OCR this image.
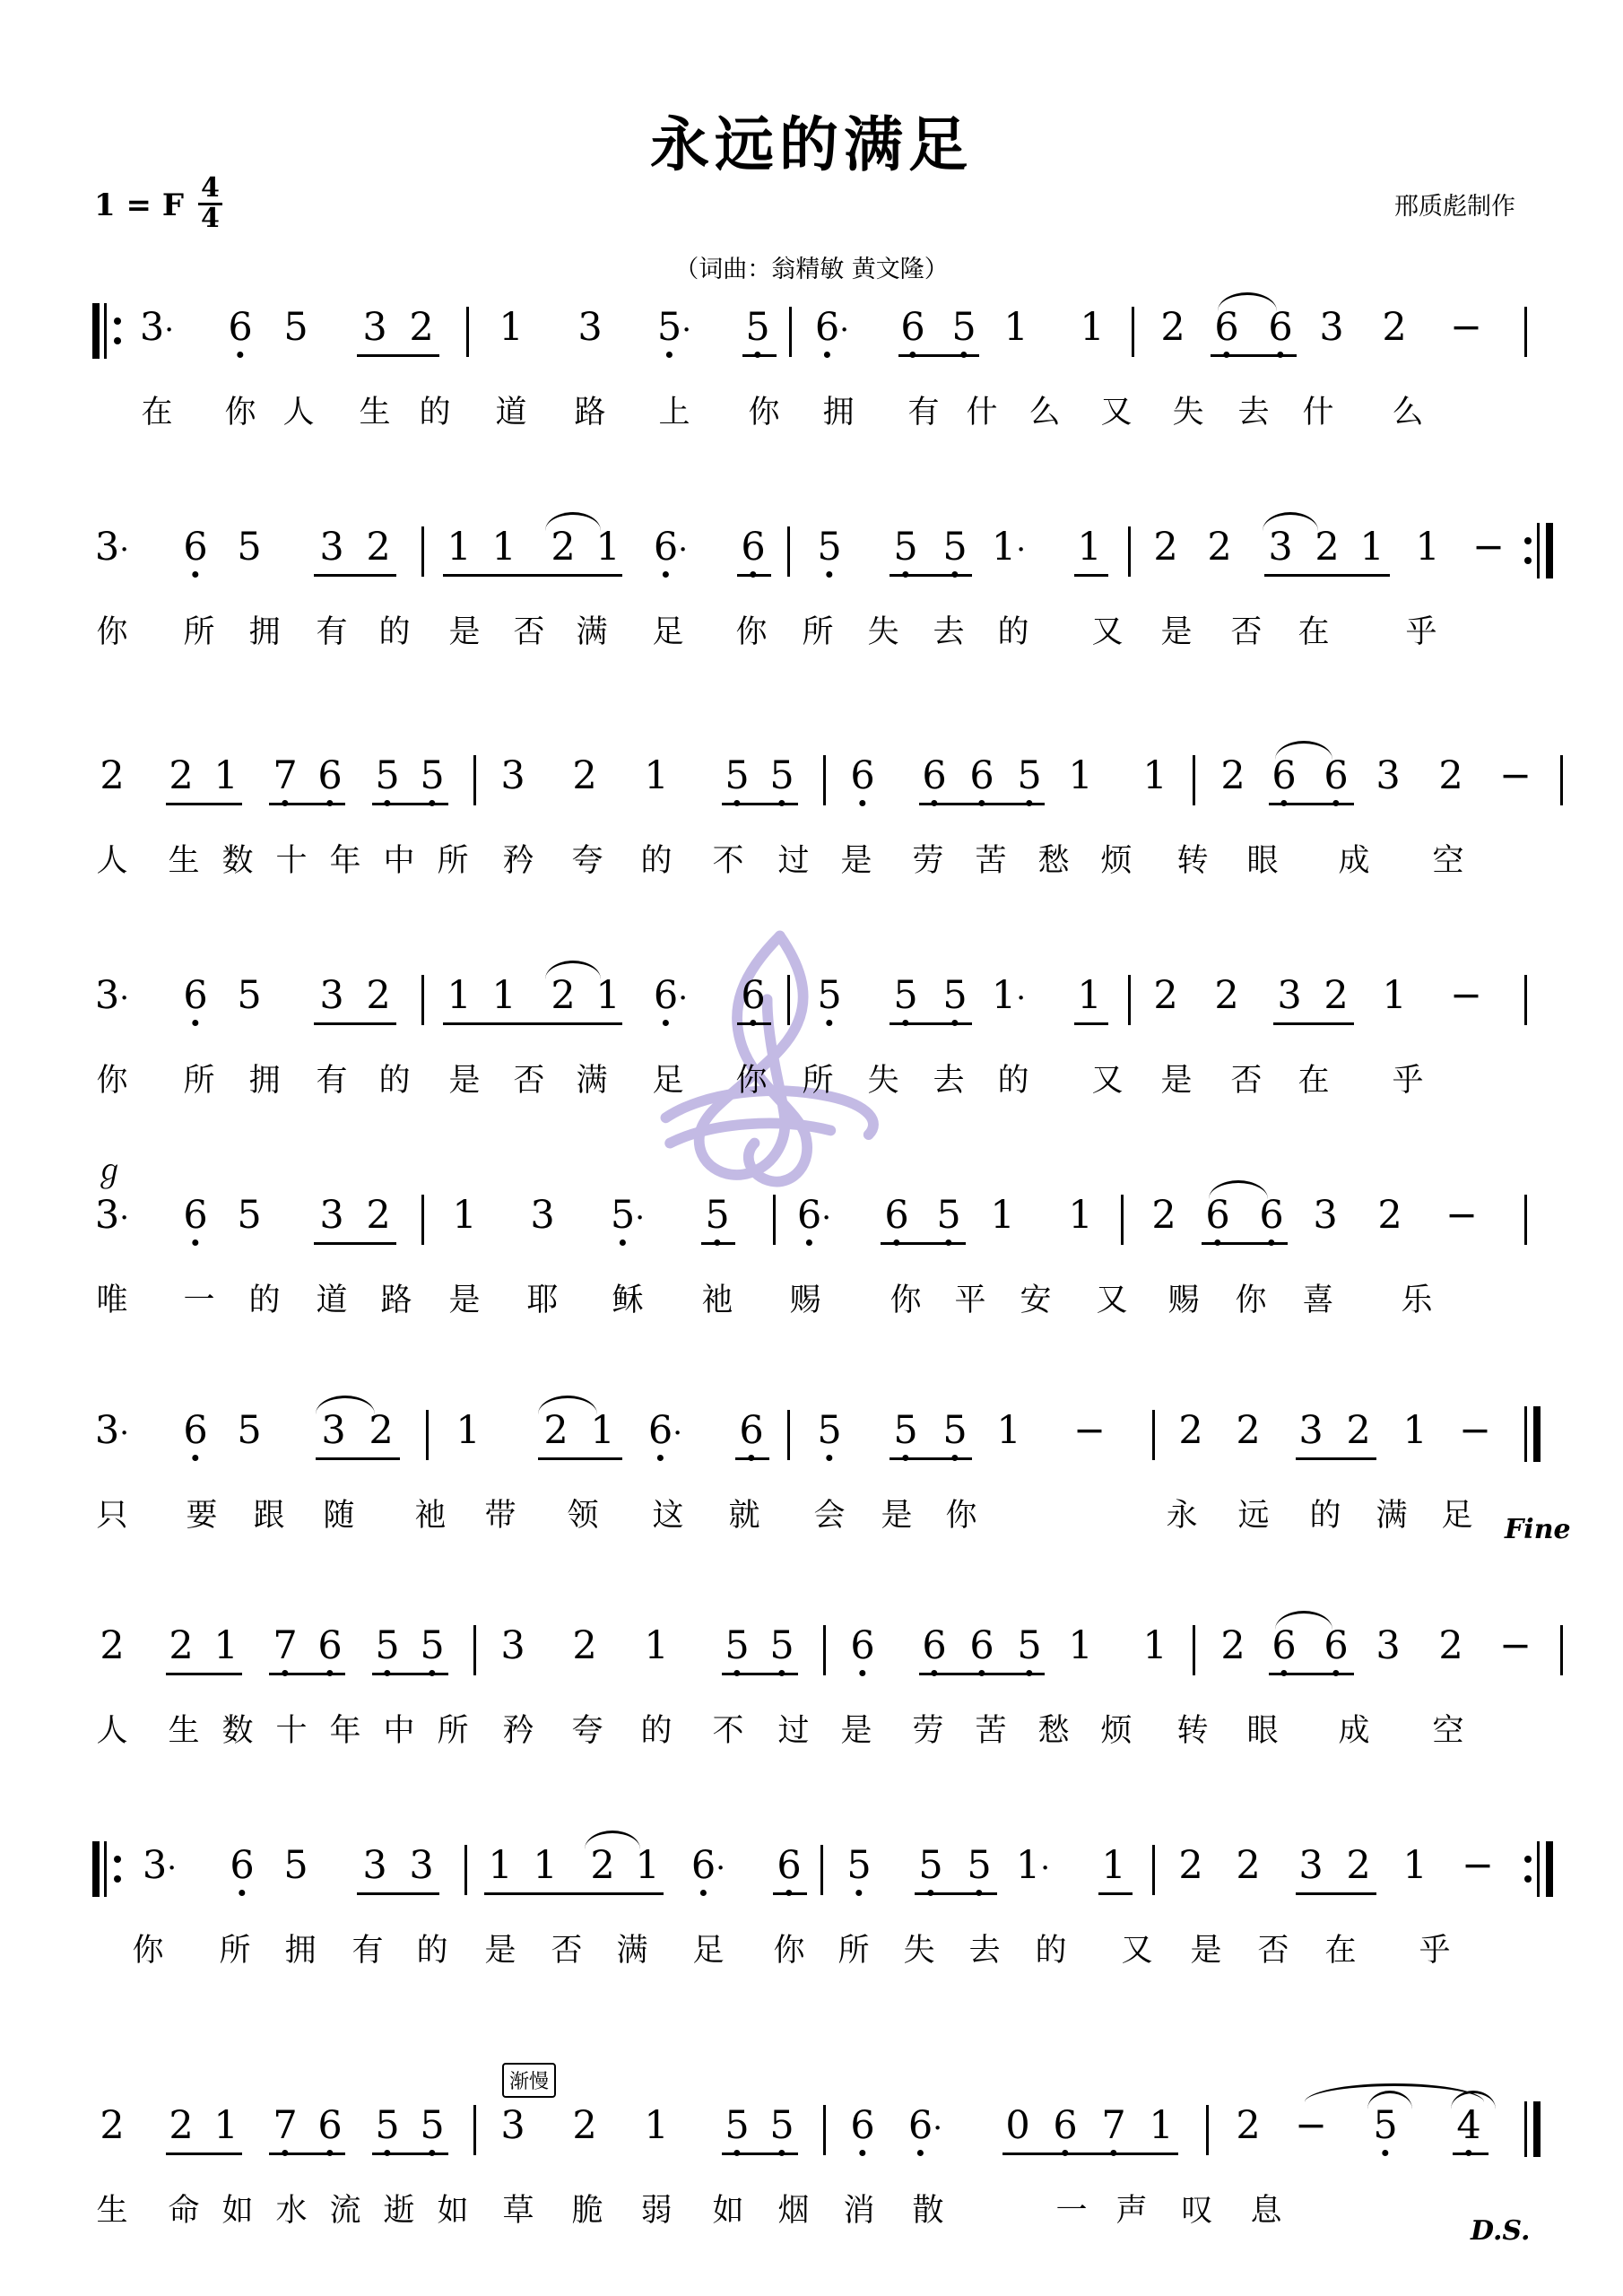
永远的满足
1 = F $\frac{4}{4}$	邢质彪制作
（词曲：翁精敏 黄文隆）
3· 6 5 3 2 1 3 5· 5 6· 6 5 1 1 2 6 6 3 2 −
在 你 人 生 的 道 路 上 你 拥 有 什 么 又 失 去 什 么
3· 6 5 3 2 1 1 2 1 6· 6 5 5 5 1· 1 2 2 3 2 1 1 −
你 所 拥 有 的 是 否 满 足 你 所 失 去 的 又 是 否 在 乎
2 2 1 7 6 5 5 3 2 1 5 5 6 6 6 5 1 1 2 6 6 3 2 −
人 生 数 十 年 中 所 矜 夸 的 不 过 是 劳 苦 愁 烦 转 眼 成 空
3· 6 5 3 2 1 1 2 1 6· 6 5 5 5 1· 1 2 2 3 2 1 −
你 所 拥 有 的 是 否 满 足 你 所 失 去 的 又 是 否 在 乎
ℊ
3· 6 5 3 2 1 3 5· 5 6· 6 5 1 1 2 6 6 3 2 −
唯 一 的 道 路 是 耶 稣 祂 赐 你 平 安 又 赐 你 喜 乐
3· 6 5 3 2 1 2 1 6· 6 5 5 5 1 − 2 2 3 2 1 −
只 要 跟 随 祂 带 领 这 就 会 是 你	永 远 的 满 足 Fine
2 2 1 7 6 5 5 3 2 1 5 5 6 6 6 5 1 1 2 6 6 3 2 −
人 生 数 十 年 中 所 矜 夸 的 不 过 是 劳 苦 愁 烦 转 眼 成 空
3· 6 5 3 3 1 1 2 1 6· 6 5 5 5 1· 1 2 2 3 2 1 −
你 所 拥 有 的 是 否 满 足 你 所 失 去 的 又 是 否 在 乎
渐慢
2 2 1 7 6 5 5 3 2 1 5 5 6 6· 0 6 7 1 2 − 5 4
生 命 如 水 流 逝 如 草 脆 弱 如 烟 消 散	一 声 叹 息
D.S.
